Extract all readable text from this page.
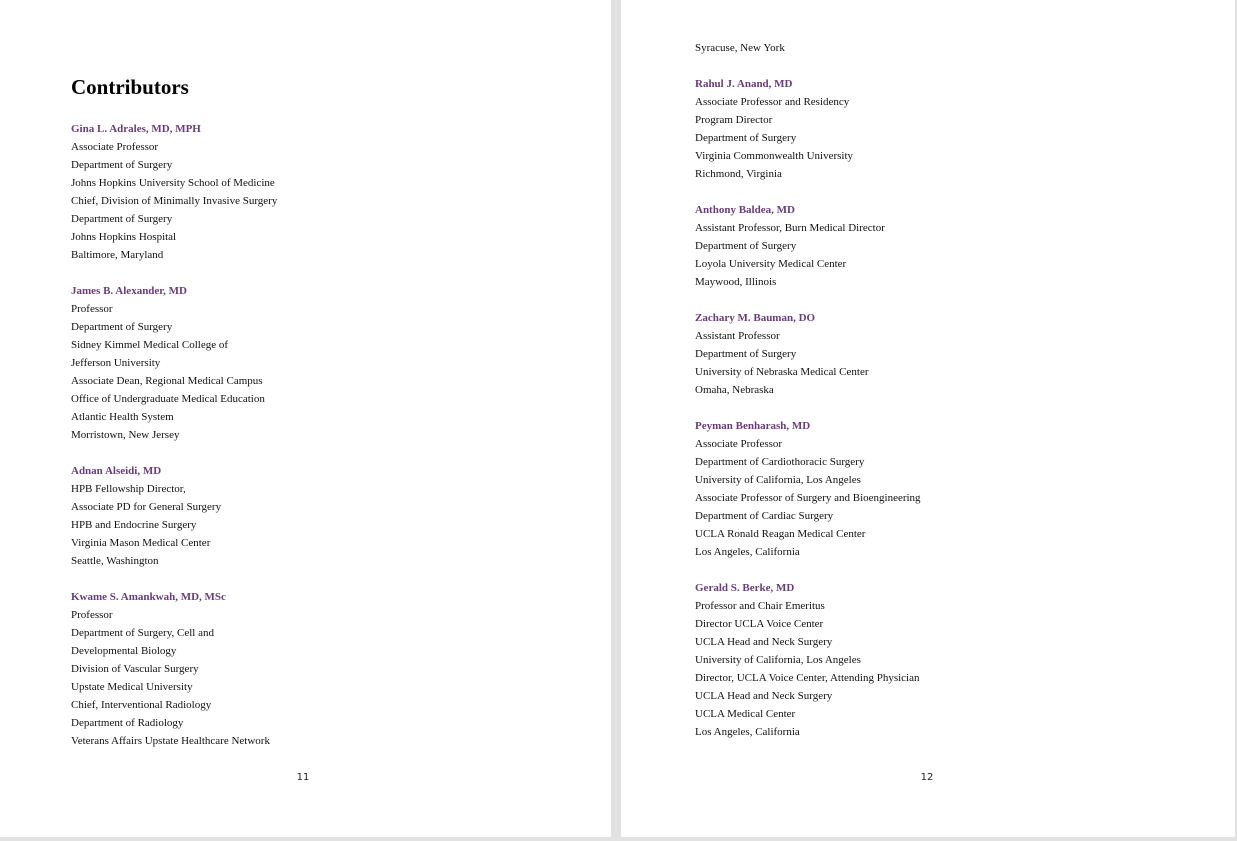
Contributors
Gina L. Adrales, MD, MPH
Associate Professor
Department of Surgery
Johns Hopkins University School of Medicine
Chief, Division of Minimally Invasive Surgery
Department of Surgery
Johns Hopkins Hospital
Baltimore, Maryland
James B. Alexander, MD
Professor
Department of Surgery
Sidney Kimmel Medical College of
Jefferson University
Associate Dean, Regional Medical Campus
Office of Undergraduate Medical Education
Atlantic Health System
Morristown, New Jersey
Adnan Alseidi, MD
HPB Fellowship Director,
Associate PD for General Surgery
HPB and Endocrine Surgery
Virginia Mason Medical Center
Seattle, Washington
Kwame S. Amankwah, MD, MSc
Professor
Department of Surgery, Cell and
Developmental Biology
Division of Vascular Surgery
Upstate Medical University
Chief, Interventional Radiology
Department of Radiology
Veterans Affairs Upstate Healthcare Network
11
Syracuse, New York
Rahul J. Anand, MD
Associate Professor and Residency
Program Director
Department of Surgery
Virginia Commonwealth University
Richmond, Virginia
Anthony Baldea, MD
Assistant Professor, Burn Medical Director
Department of Surgery
Loyola University Medical Center
Maywood, Illinois
Zachary M. Bauman, DO
Assistant Professor
Department of Surgery
University of Nebraska Medical Center
Omaha, Nebraska
Peyman Benharash, MD
Associate Professor
Department of Cardiothoracic Surgery
University of California, Los Angeles
Associate Professor of Surgery and Bioengineering
Department of Cardiac Surgery
UCLA Ronald Reagan Medical Center
Los Angeles, California
Gerald S. Berke, MD
Professor and Chair Emeritus
Director UCLA Voice Center
UCLA Head and Neck Surgery
University of California, Los Angeles
Director, UCLA Voice Center, Attending Physician
UCLA Head and Neck Surgery
UCLA Medical Center
Los Angeles, California
12
